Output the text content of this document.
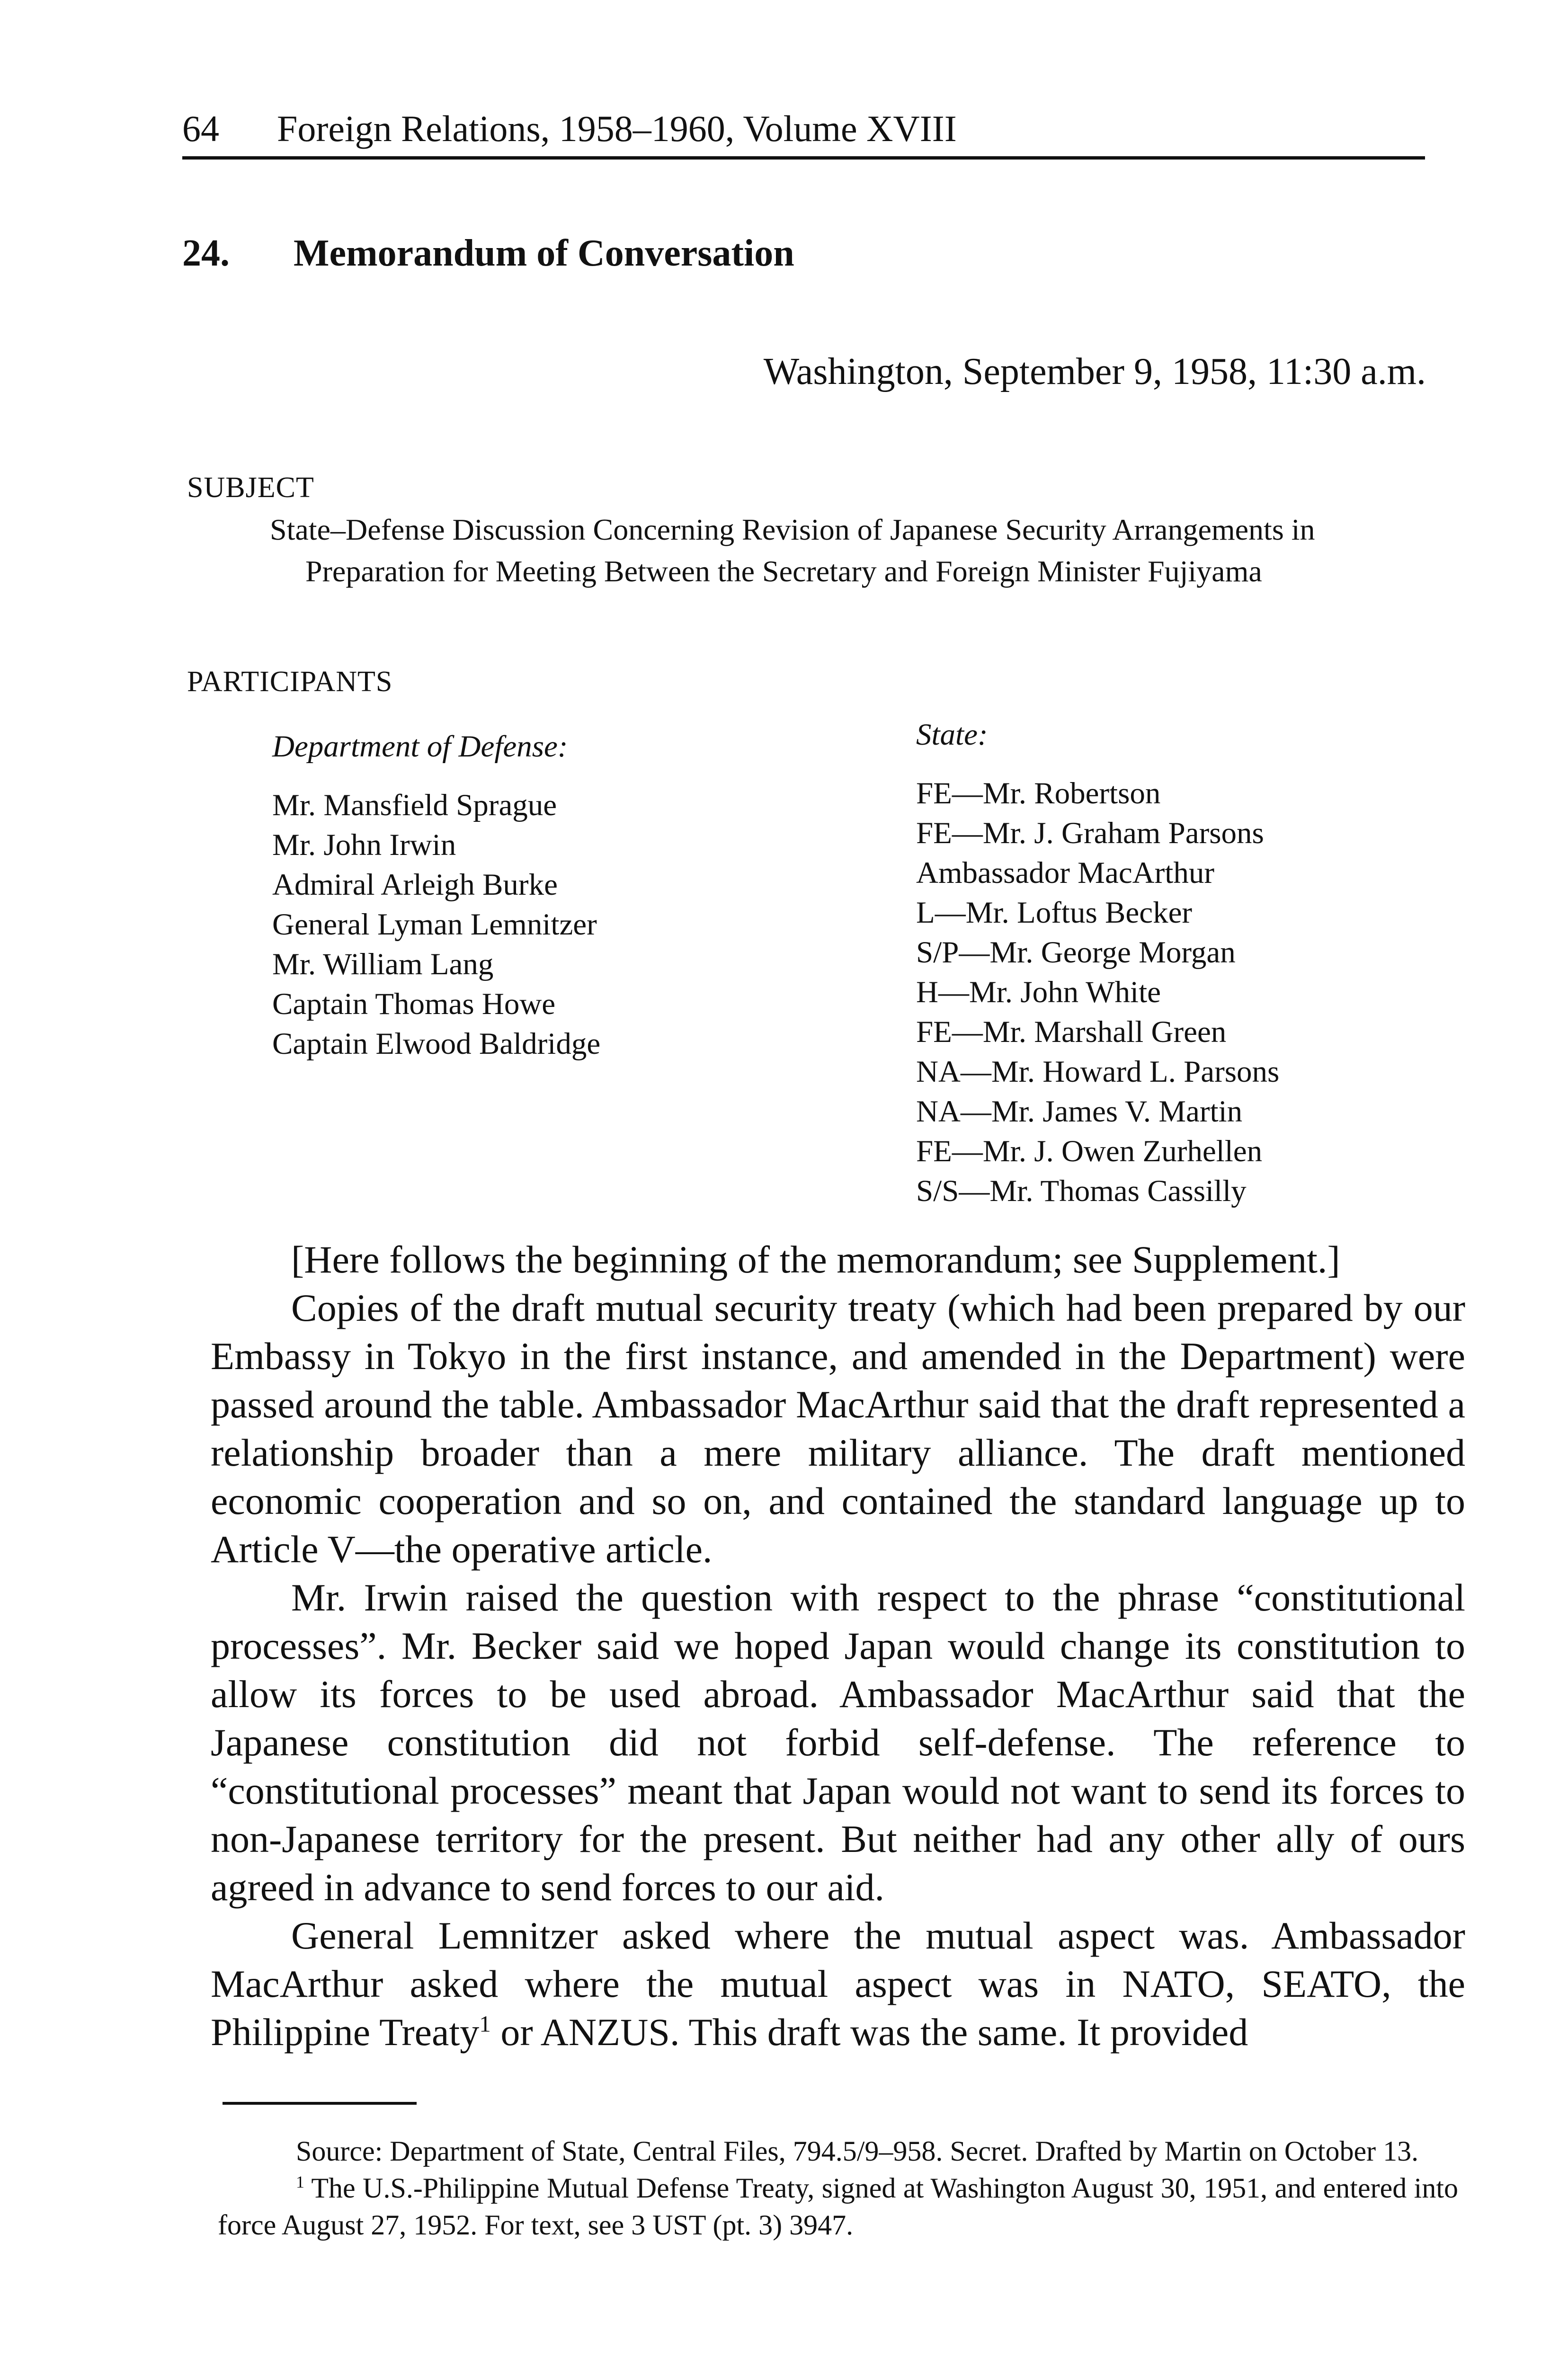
64 Foreign Relations, 1958–1960, Volume XVIII
24. Memorandum of Conversation
Washington, September 9, 1958, 11:30 a.m.
SUBJECT
State–Defense Discussion Concerning Revision of Japanese Security Arrangements in Preparation for Meeting Between the Secretary and Foreign Minister Fujiyama
PARTICIPANTS
Department of Defense:
Mr. Mansfield Sprague
Mr. John Irwin
Admiral Arleigh Burke
General Lyman Lemnitzer
Mr. William Lang
Captain Thomas Howe
Captain Elwood Baldridge
State:
FE—Mr. Robertson
FE—Mr. J. Graham Parsons
Ambassador MacArthur
L—Mr. Loftus Becker
S/P—Mr. George Morgan
H—Mr. John White
FE—Mr. Marshall Green
NA—Mr. Howard L. Parsons
NA—Mr. James V. Martin
FE—Mr. J. Owen Zurhellen
S/S—Mr. Thomas Cassilly

[Here follows the beginning of the memorandum; see Supplement.]

Copies of the draft mutual security treaty (which had been prepared by our Embassy in Tokyo in the first instance, and amended in the Department) were passed around the table. Ambassador MacArthur said that the draft represented a relationship broader than a mere military alliance. The draft mentioned economic cooperation and so on, and contained the standard language up to Article V—the operative article.

Mr. Irwin raised the question with respect to the phrase “constitutional processes”. Mr. Becker said we hoped Japan would change its constitution to allow its forces to be used abroad. Ambassador MacArthur said that the Japanese constitution did not forbid self-defense. The reference to “constitutional processes” meant that Japan would not want to send its forces to non-Japanese territory for the present. But neither had any other ally of ours agreed in advance to send forces to our aid.

General Lemnitzer asked where the mutual aspect was. Ambassador MacArthur asked where the mutual aspect was in NATO, SEATO, the Philippine Treaty$^1$ or ANZUS. This draft was the same. It provided

Source: Department of State, Central Files, 794.5/9–958. Secret. Drafted by Martin on October 13.

$^1$ The U.S.-Philippine Mutual Defense Treaty, signed at Washington August 30, 1951, and entered into force August 27, 1952. For text, see 3 UST (pt. 3) 3947.
